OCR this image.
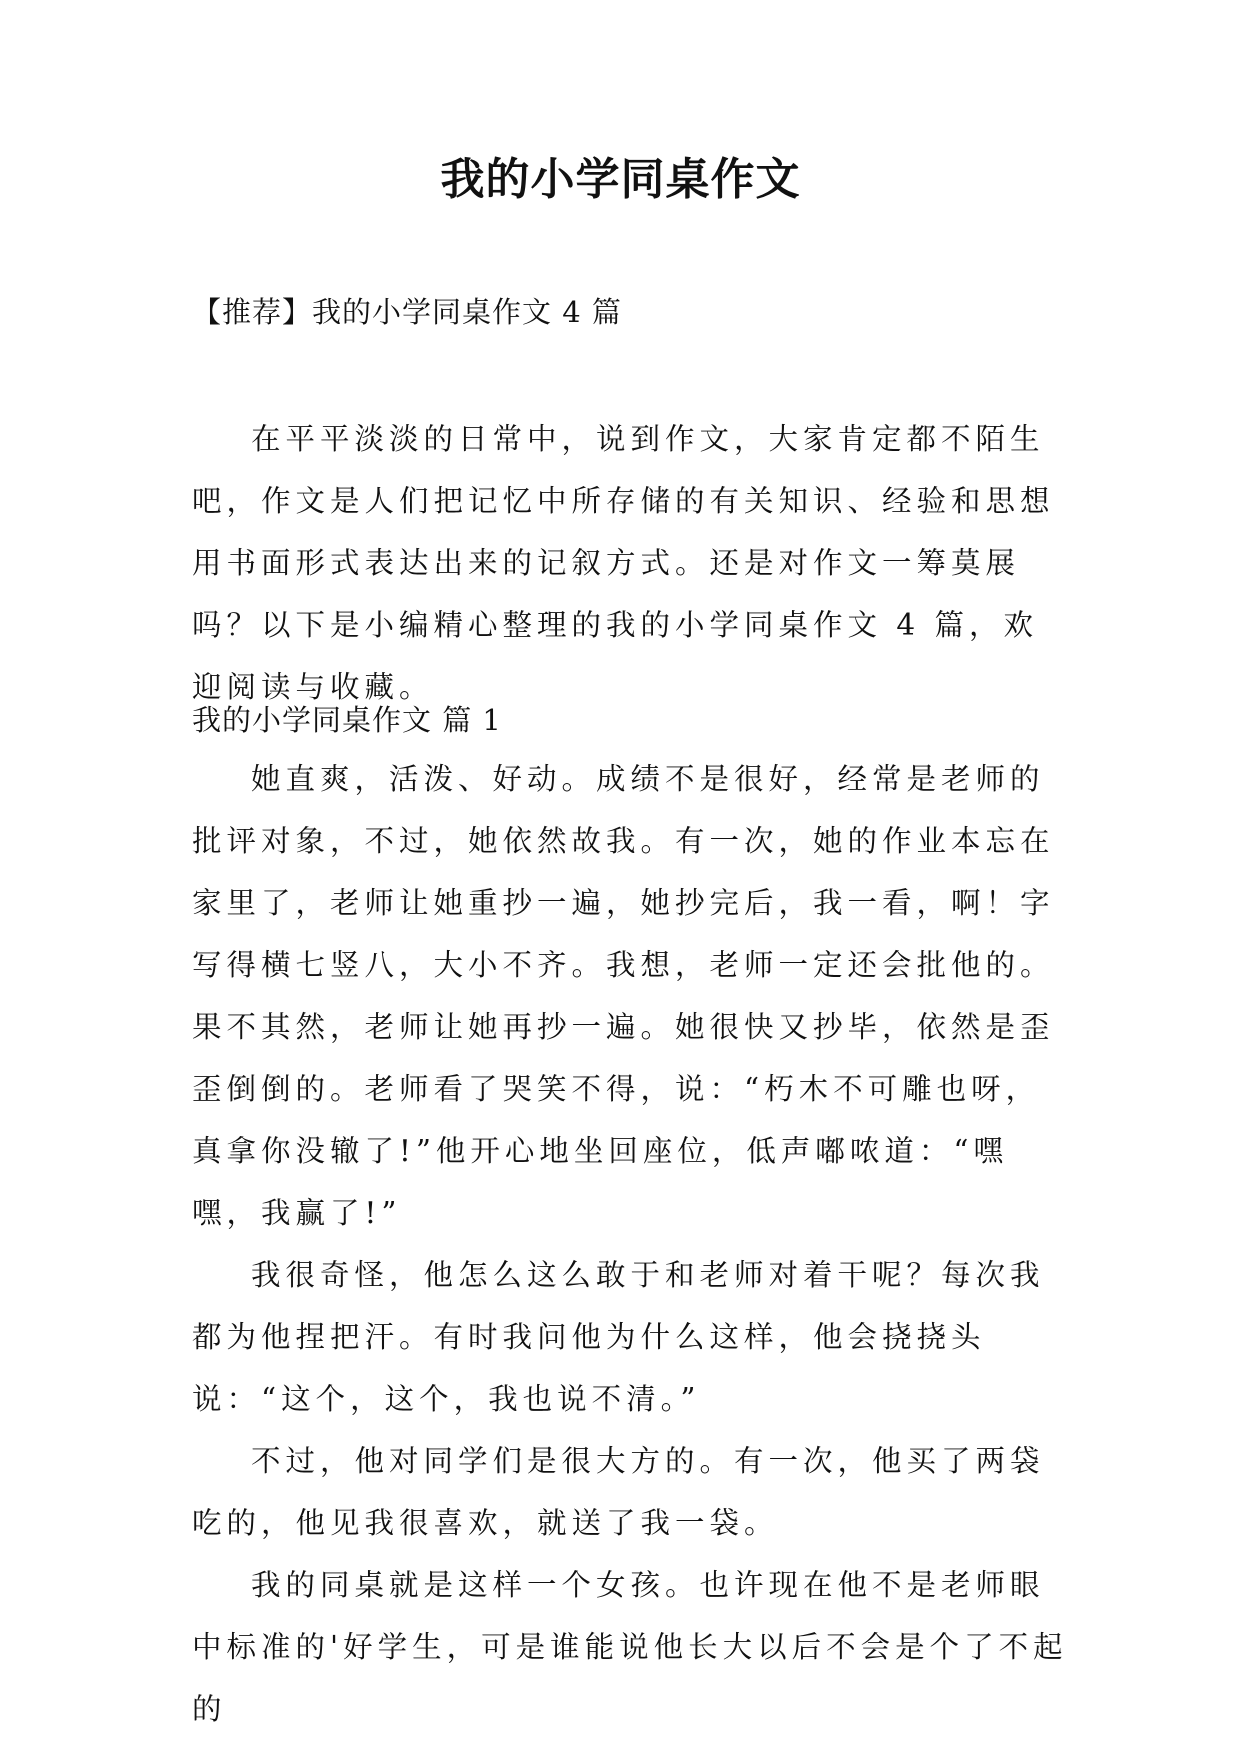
我的小学同桌作文
【推荐】我的小学同桌作文 4 篇

在平平淡淡的日常中，说到作文，大家肯定都不陌生吧，作文是人们把记忆中所存储的有关知识、经验和思想用书面形式表达出来的记叙方式。还是对作文一筹莫展吗？以下是小编精心整理的我的小学同桌作文 4 篇，欢迎阅读与收藏。

我的小学同桌作文 篇 1

她直爽，活泼、好动。成绩不是很好，经常是老师的批评对象，不过，她依然故我。有一次，她的作业本忘在家里了，老师让她重抄一遍，她抄完后，我一看，啊！字写得横七竖八，大小不齐。我想，老师一定还会批他的。果不其然，老师让她再抄一遍。她很快又抄毕，依然是歪歪倒倒的。老师看了哭笑不得，说：“朽木不可雕也呀，真拿你没辙了!”他开心地坐回座位，低声嘟哝道：“嘿嘿，我赢了!”

我很奇怪，他怎么这么敢于和老师对着干呢？每次我都为他捏把汗。有时我问他为什么这样，他会挠挠头说：“这个，这个，我也说不清。”

不过，他对同学们是很大方的。有一次，他买了两袋吃的，他见我很喜欢，就送了我一袋。

我的同桌就是这样一个女孩。也许现在他不是老师眼中标准的'好学生，可是谁能说他长大以后不会是个了不起的
